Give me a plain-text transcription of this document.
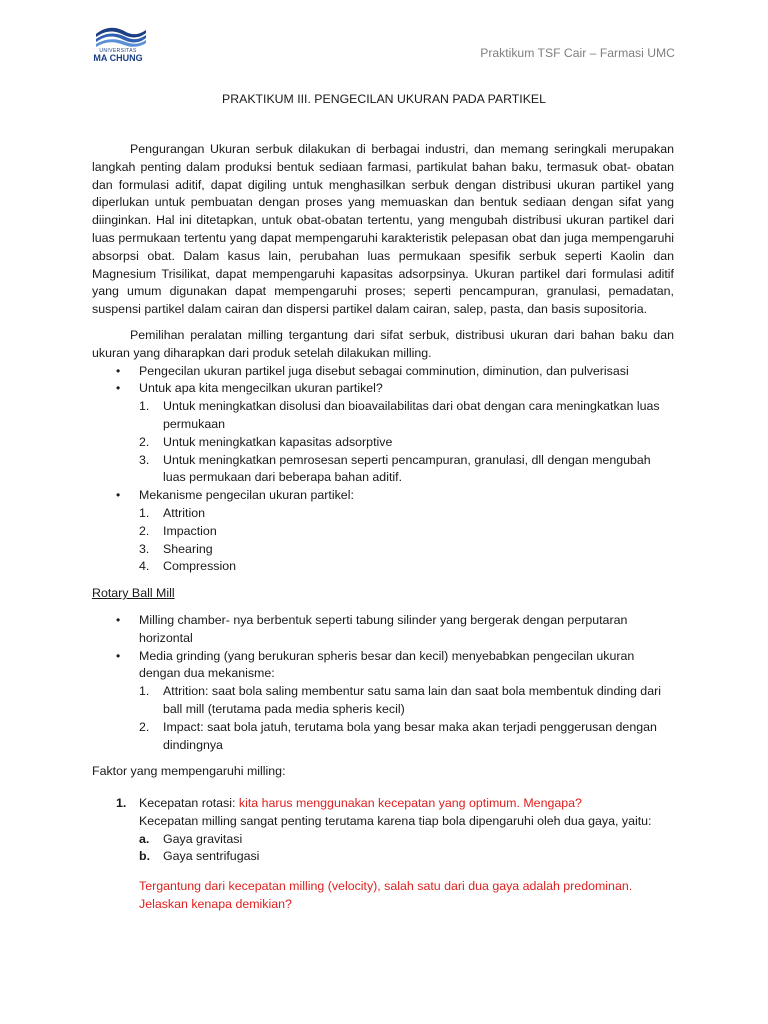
UNIVERSITAS
MA CHUNG	Praktikum TSF Cair – Farmasi UMC
PRAKTIKUM III. PENGECILAN UKURAN PADA PARTIKEL

Pengurangan Ukuran serbuk dilakukan di berbagai industri, dan memang seringkali merupakan langkah penting dalam produksi bentuk sediaan farmasi, partikulat bahan baku, termasuk obat- obatan dan formulasi aditif, dapat digiling untuk menghasilkan serbuk dengan distribusi ukuran partikel yang diperlukan untuk pembuatan dengan proses yang memuaskan dan bentuk sediaan dengan sifat yang diinginkan. Hal ini ditetapkan, untuk obat-obatan tertentu, yang mengubah distribusi ukuran partikel dari luas permukaan tertentu yang dapat mempengaruhi karakteristik pelepasan obat dan juga mempengaruhi absorpsi obat. Dalam kasus lain, perubahan luas permukaan spesifik serbuk seperti Kaolin dan Magnesium Trisilikat, dapat mempengaruhi kapasitas adsorpsinya. Ukuran partikel dari formulasi aditif yang umum digunakan dapat mempengaruhi proses; seperti pencampuran, granulasi, pemadatan, suspensi partikel dalam cairan dan dispersi partikel dalam cairan, salep, pasta, dan basis supositoria.

Pemilihan peralatan milling tergantung dari sifat serbuk, distribusi ukuran dari bahan baku dan ukuran yang diharapkan dari produk setelah dilakukan milling.

• Pengecilan ukuran partikel juga disebut sebagai comminution, diminution, dan pulverisasi
• Untuk apa kita mengecilkan ukuran partikel?
1. Untuk meningkatkan disolusi dan bioavailabilitas dari obat dengan cara meningkatkan luas permukaan
2. Untuk meningkatkan kapasitas adsorptive
3. Untuk meningkatkan pemrosesan seperti pencampuran, granulasi, dll dengan mengubah luas permukaan dari beberapa bahan aditif.
• Mekanisme pengecilan ukuran partikel:
1. Attrition
2. Impaction
3. Shearing
4. Compression
Rotary Ball Mill
• Milling chamber- nya berbentuk seperti tabung silinder yang bergerak dengan perputaran horizontal
• Media grinding (yang berukuran spheris besar dan kecil) menyebabkan pengecilan ukuran dengan dua mekanisme:
1. Attrition: saat bola saling membentur satu sama lain dan saat bola membentuk dinding dari ball mill (terutama pada media spheris kecil)
2. Impact: saat bola jatuh, terutama bola yang besar maka akan terjadi penggerusan dengan dindingnya
Faktor yang mempengaruhi milling:
1. Kecepatan rotasi: kita harus menggunakan kecepatan yang optimum. Mengapa?
Kecepatan milling sangat penting terutama karena tiap bola dipengaruhi oleh dua gaya, yaitu:
a. Gaya gravitasi
b. Gaya sentrifugasi
Tergantung dari kecepatan milling (velocity), salah satu dari dua gaya adalah predominan. Jelaskan kenapa demikian?
